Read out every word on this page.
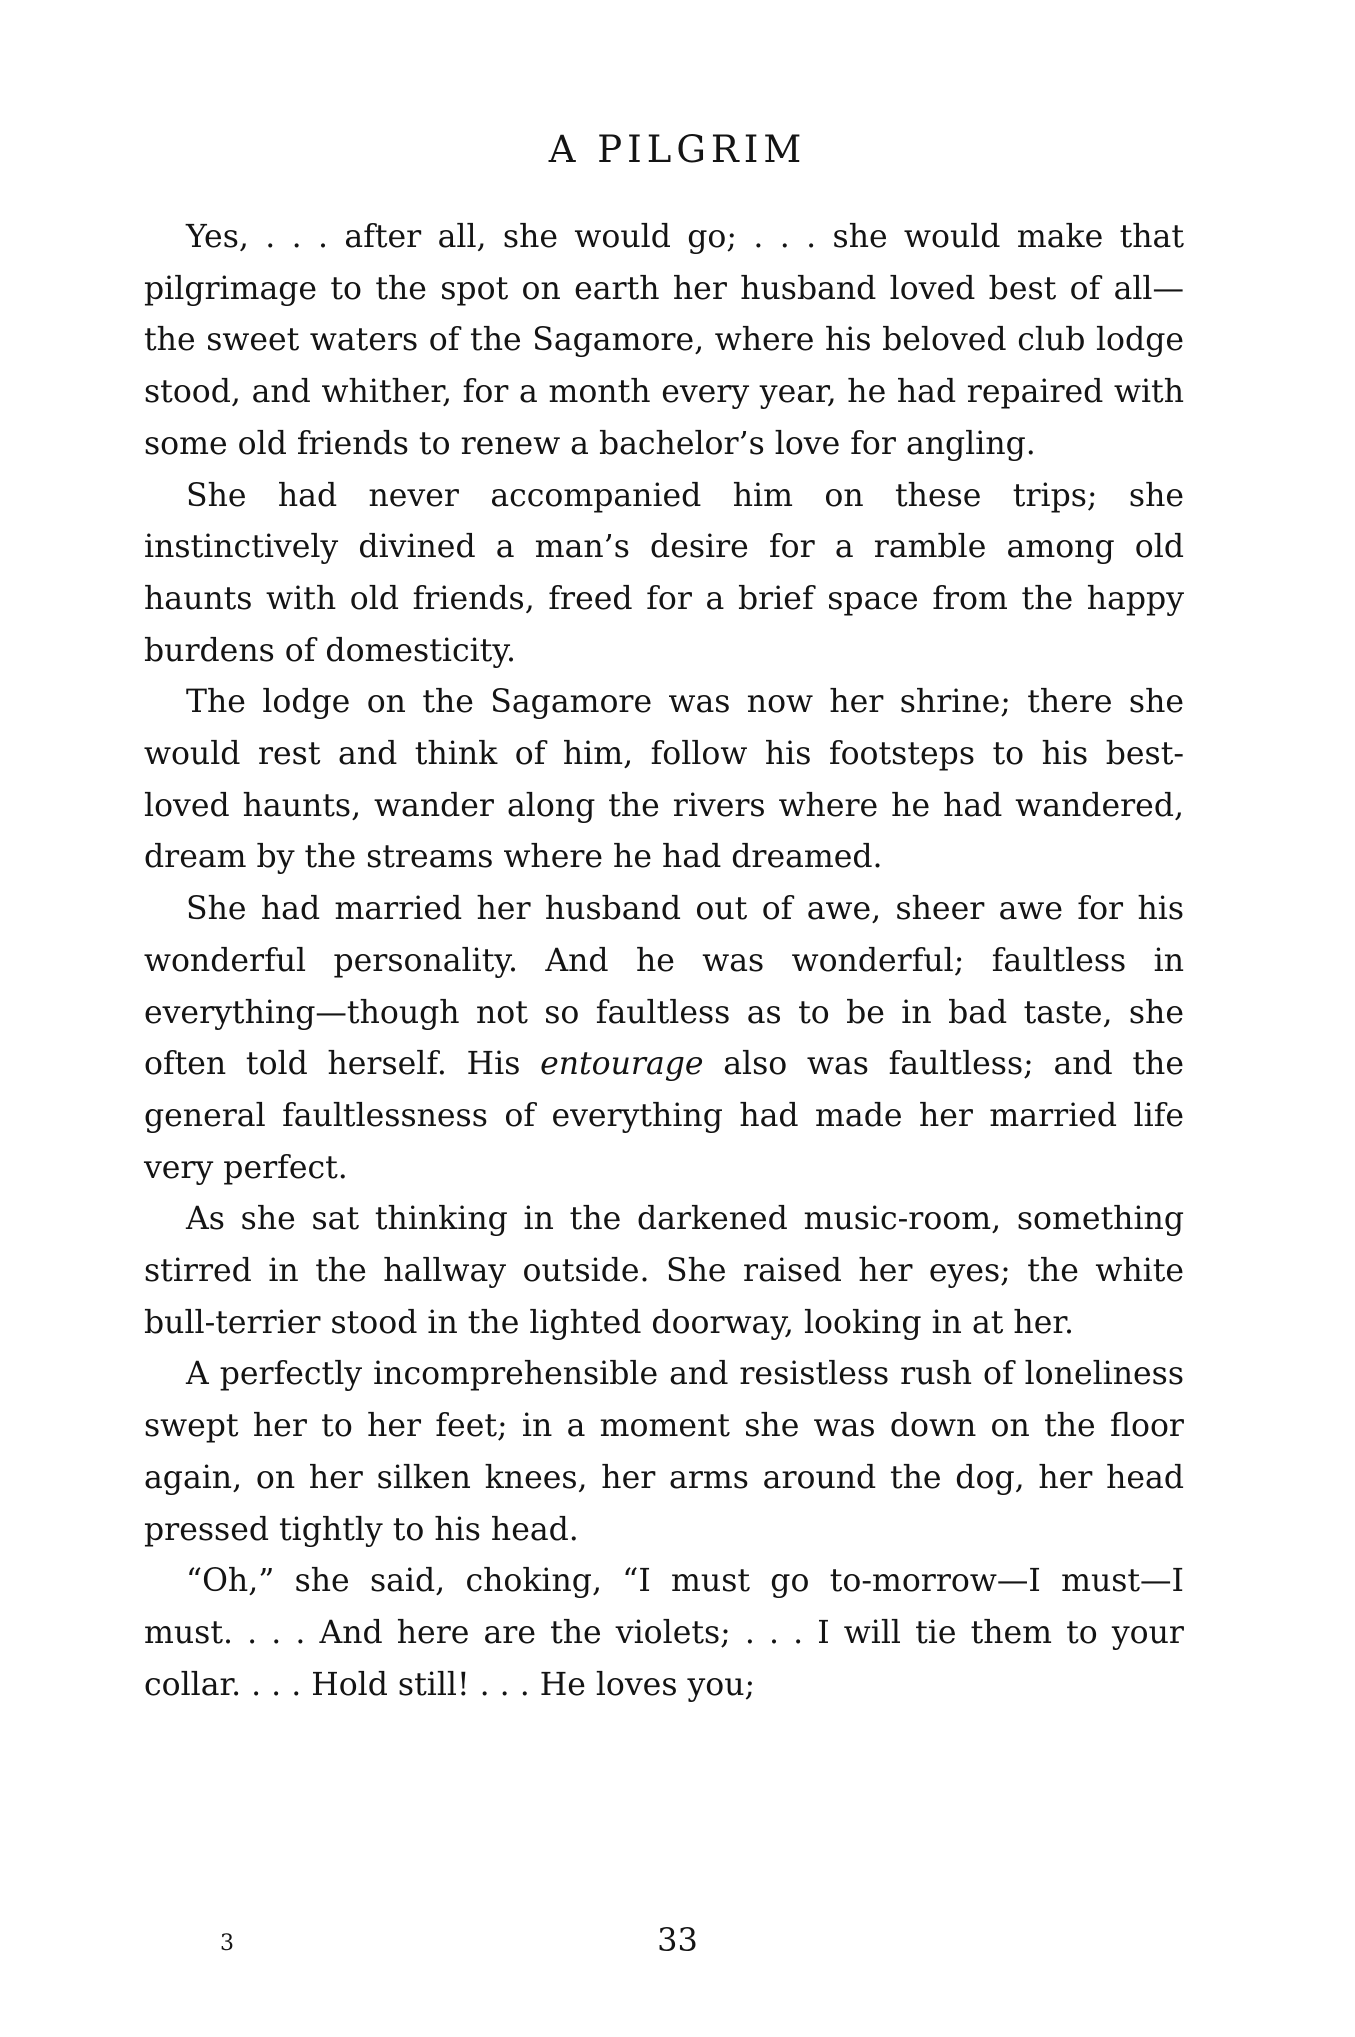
A PILGRIM

Yes, . . . after all, she would go; . . . she would make that pilgrimage to the spot on earth her husband loved best of all—the sweet waters of the Sagamore, where his beloved club lodge stood, and whither, for a month every year, he had repaired with some old friends to renew a bachelor’s love for angling.

She had never accompanied him on these trips; she instinctively divined a man’s desire for a ramble among old haunts with old friends, freed for a brief space from the happy burdens of domesticity.

The lodge on the Sagamore was now her shrine; there she would rest and think of him, follow his footsteps to his best-loved haunts, wander along the rivers where he had wandered, dream by the streams where he had dreamed.

She had married her husband out of awe, sheer awe for his wonderful personality. And he was wonderful; faultless in everything—though not so faultless as to be in bad taste, she often told herself. His entourage also was faultless; and the general faultlessness of everything had made her married life very perfect.

As she sat thinking in the darkened music-room, something stirred in the hallway outside. She raised her eyes; the white bull-terrier stood in the lighted doorway, looking in at her.

A perfectly incomprehensible and resistless rush of loneliness swept her to her feet; in a moment she was down on the floor again, on her silken knees, her arms around the dog, her head pressed tightly to his head.

“Oh,” she said, choking, “I must go to-morrow—I must—I must. . . . And here are the violets; . . . I will tie them to your collar. . . . Hold still! . . . He loves you;

3	33
